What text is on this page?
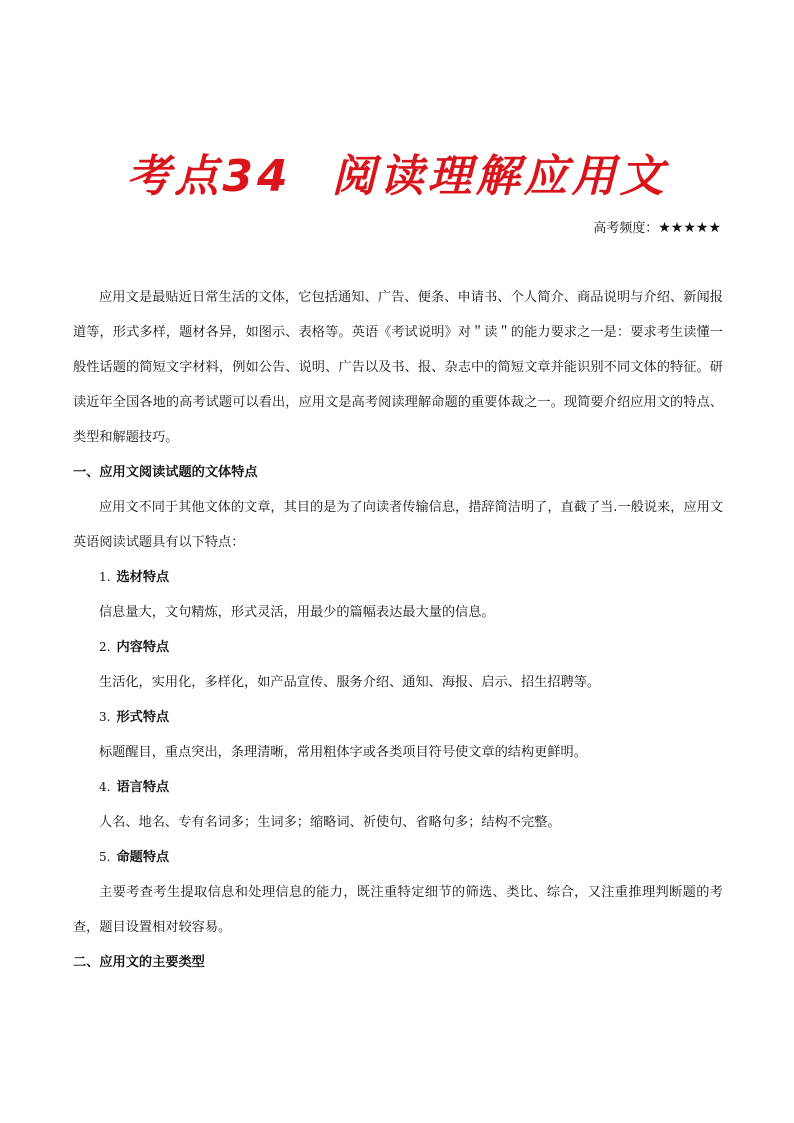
考点34 阅读理解应用文
高考频度：★★★★★

应用文是最贴近日常生活的文体，它包括通知、广告、便条、申请书、个人简介、商品说明与介绍、新闻报道等，形式多样，题材各异，如图示、表格等。英语《考试说明》对＂读＂的能力要求之一是：要求考生读懂一般性话题的简短文字材料，例如公告、说明、广告以及书、报、杂志中的简短文章并能识别不同文体的特征。研读近年全国各地的高考试题可以看出，应用文是高考阅读理解命题的重要体裁之一。现简要介绍应用文的特点、类型和解题技巧。

一、应用文阅读试题的文体特点

应用文不同于其他文体的文章，其目的是为了向读者传输信息，措辞简洁明了，直截了当.一般说来，应用文英语阅读试题具有以下特点：

1. 选材特点

信息量大，文句精炼，形式灵活，用最少的篇幅表达最大量的信息。

2. 内容特点

生活化，实用化，多样化，如产品宣传、服务介绍、通知、海报、启示、招生招聘等。

3. 形式特点

标题醒目，重点突出，条理清晰，常用粗体字或各类项目符号使文章的结构更鲜明。

4. 语言特点

人名、地名、专有名词多；生词多；缩略词、祈使句、省略句多；结构不完整。

5. 命题特点

主要考查考生提取信息和处理信息的能力，既注重特定细节的筛选、类比、综合，又注重推理判断题的考查，题目设置相对较容易。

二、应用文的主要类型
